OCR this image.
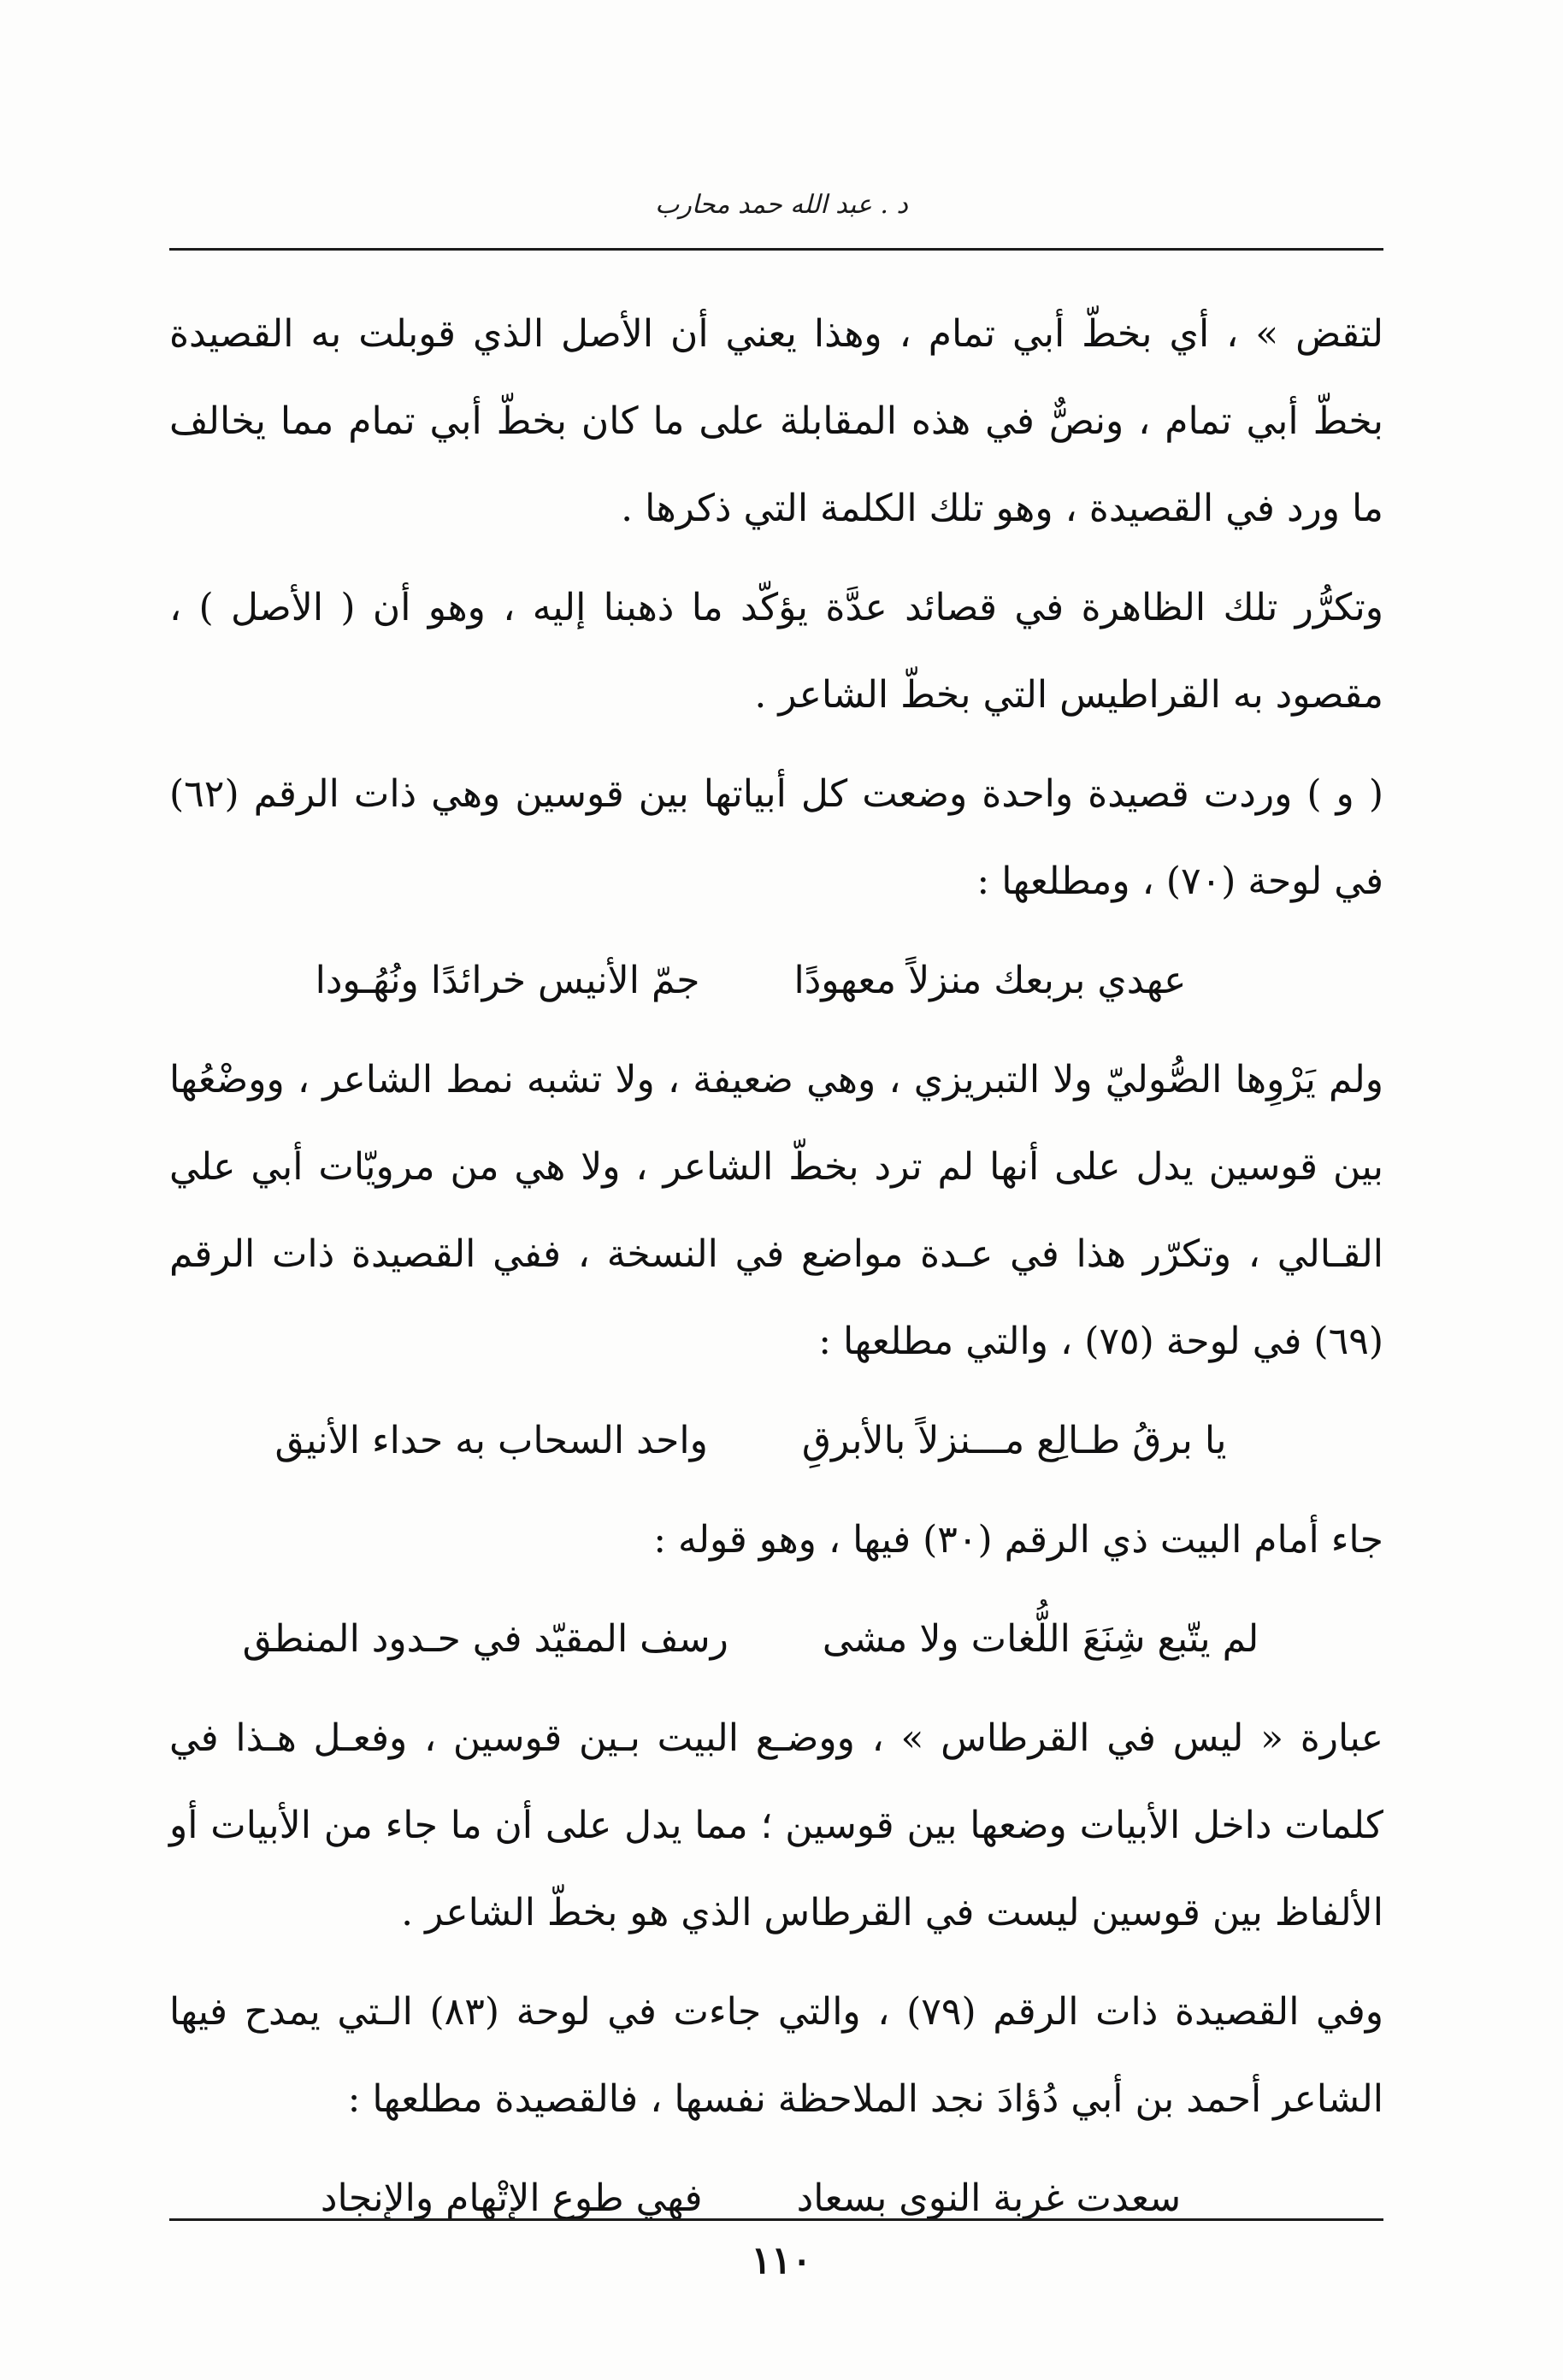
د . عبد الله حمد محارب

لتقض » ، أي بخطّ أبي تمام ، وهذا يعني أن الأصل الذي قوبلت به القصيدة بخطّ أبي تمام ، ونصٌّ في هذه المقابلة على ما كان بخطّ أبي تمام مما يخالف ما ورد في القصيدة ، وهو تلك الكلمة التي ذكرها .

وتكرُّر تلك الظاهرة في قصائد عدَّة يؤكّد ما ذهبنا إليه ، وهو أن ( الأصل ) ، مقصود به القراطيس التي بخطّ الشاعر .

( و ) وردت قصيدة واحدة وضعت كل أبياتها بين قوسين وهي ذات الرقم (٦٢) في لوحة (٧٠) ، ومطلعها :

عهدي بربعك منزلاً معهودًا
جمّ الأنيس خرائدًا ونُهُـودا

ولم يَرْوِها الصُّوليّ ولا التبريزي ، وهي ضعيفة ، ولا تشبه نمط الشاعر ، ووضْعُها بين قوسين يدل على أنها لم ترد بخطّ الشاعر ، ولا هي من مرويّات أبي علي القـالي ، وتكرّر هذا في عـدة مواضع في النسخة ، ففي القصيدة ذات الرقم (٦٩) في لوحة (٧٥) ، والتي مطلعها :

يا برقُ طـالِع مـــنزلاً بالأبرقِ
واحد السحاب به حداء الأنيق

جاء أمام البيت ذي الرقم (٣٠) فيها ، وهو قوله :

لم يتّبع شِنَعَ اللُّغات ولا مشى
رسف المقيّد في حـدود المنطق

عبارة « ليس في القرطاس » ، ووضـع البيت بـين قوسين ، وفعـل هـذا في كلمات داخل الأبيات وضعها بين قوسين ؛ مما يدل على أن ما جاء من الأبيات أو الألفاظ بين قوسين ليست في القرطاس الذي هو بخطّ الشاعر .

وفي القصيدة ذات الرقم (٧٩) ، والتي جاءت في لوحة (٨٣) الـتي يمدح فيها الشاعر أحمد بن أبي دُؤادَ نجد الملاحظة نفسها ، فالقصيدة مطلعها :

سعدت غربة النوى بسعاد
فهي طوع الإتْهام والإنجاد
١١٠
